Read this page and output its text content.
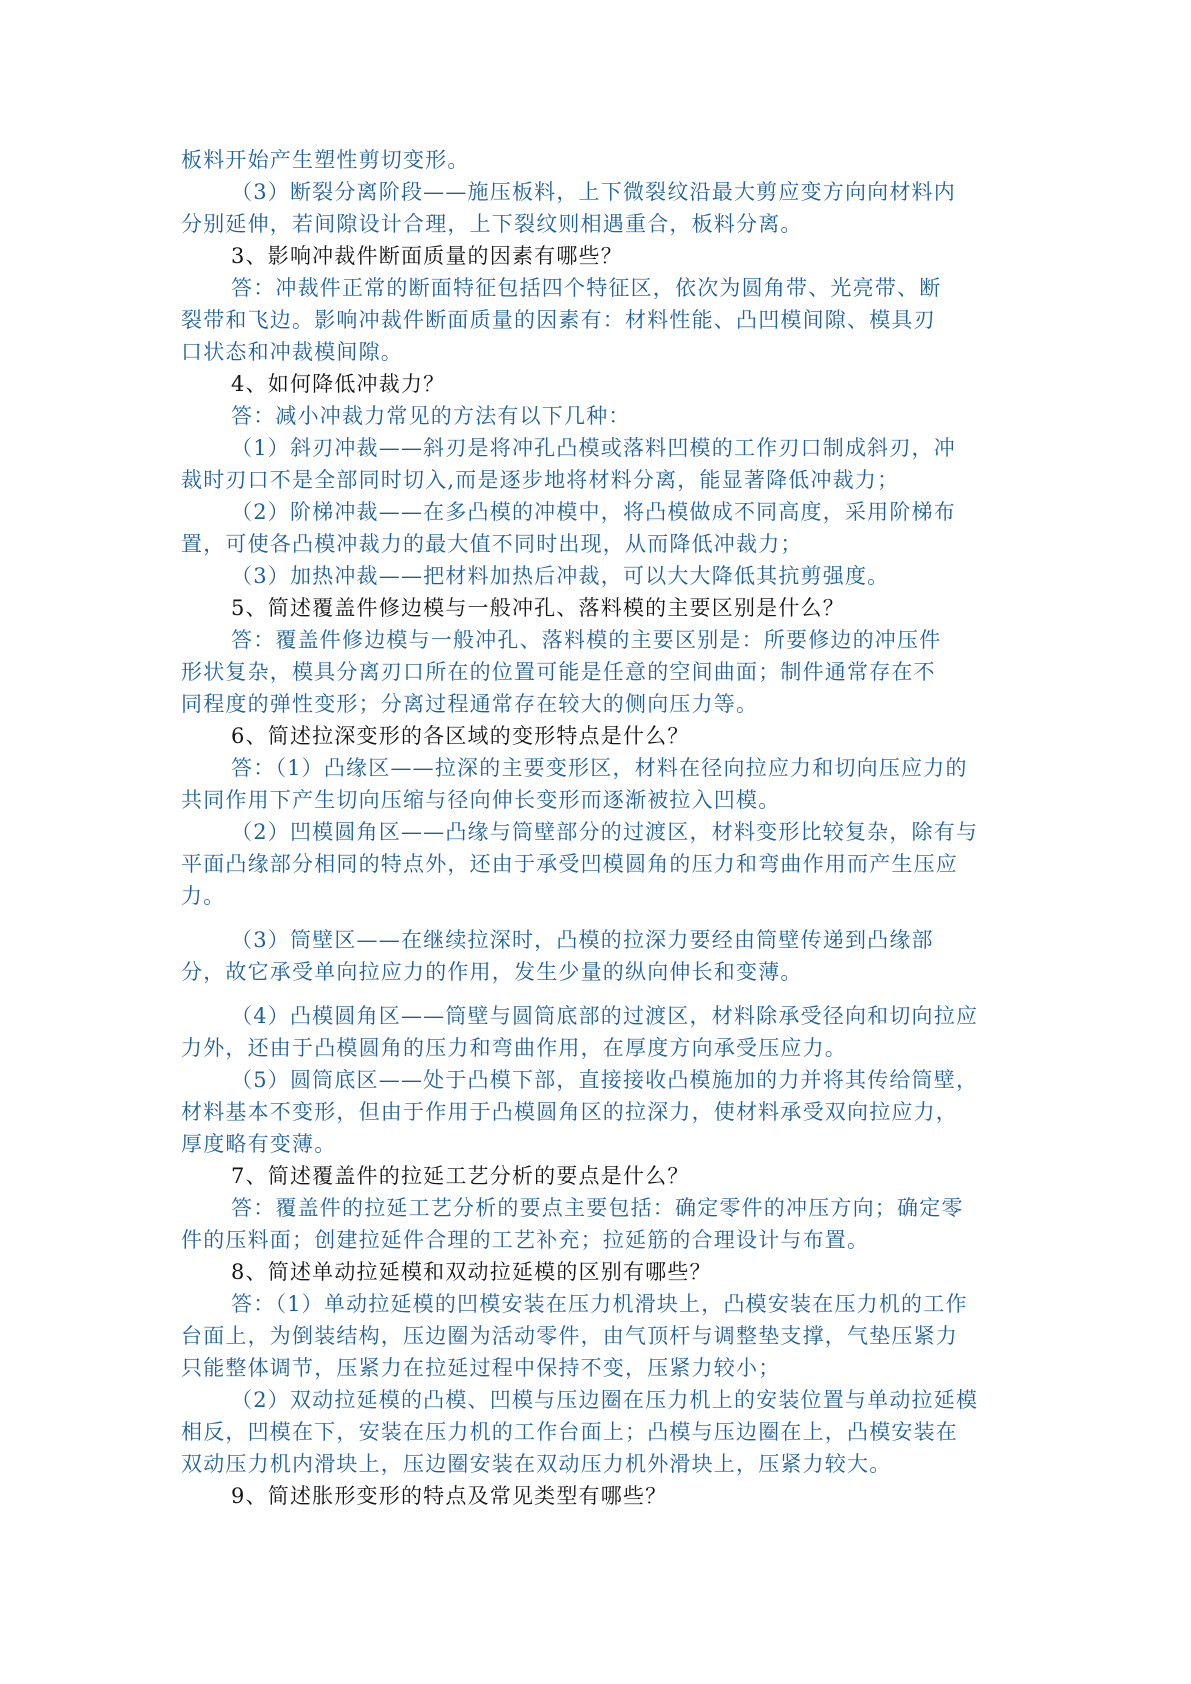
板料开始产生塑性剪切变形。
（3）断裂分离阶段——施压板料，上下微裂纹沿最大剪应变方向向材料内
分别延伸，若间隙设计合理，上下裂纹则相遇重合，板料分离。
3、影响冲裁件断面质量的因素有哪些？
答：冲裁件正常的断面特征包括四个特征区，依次为圆角带、光亮带、断
裂带和飞边。影响冲裁件断面质量的因素有：材料性能、凸凹模间隙、模具刃
口状态和冲裁模间隙。
4、如何降低冲裁力？
答：减小冲裁力常见的方法有以下几种：
（1）斜刃冲裁——斜刃是将冲孔凸模或落料凹模的工作刃口制成斜刃，冲
裁时刃口不是全部同时切入,而是逐步地将材料分离，能显著降低冲裁力；
（2）阶梯冲裁——在多凸模的冲模中，将凸模做成不同高度，采用阶梯布
置，可使各凸模冲裁力的最大值不同时出现，从而降低冲裁力；
（3）加热冲裁——把材料加热后冲裁，可以大大降低其抗剪强度。
5、简述覆盖件修边模与一般冲孔、落料模的主要区别是什么？
答：覆盖件修边模与一般冲孔、落料模的主要区别是：所要修边的冲压件
形状复杂，模具分离刃口所在的位置可能是任意的空间曲面；制件通常存在不
同程度的弹性变形；分离过程通常存在较大的侧向压力等。
6、简述拉深变形的各区域的变形特点是什么？
答：（1）凸缘区——拉深的主要变形区，材料在径向拉应力和切向压应力的
共同作用下产生切向压缩与径向伸长变形而逐渐被拉入凹模。
（2）凹模圆角区——凸缘与筒壁部分的过渡区，材料变形比较复杂，除有与
平面凸缘部分相同的特点外，还由于承受凹模圆角的压力和弯曲作用而产生压应
力。
（3）筒壁区——在继续拉深时，凸模的拉深力要经由筒壁传递到凸缘部
分，故它承受单向拉应力的作用，发生少量的纵向伸长和变薄。
（4）凸模圆角区——筒壁与圆筒底部的过渡区，材料除承受径向和切向拉应
力外，还由于凸模圆角的压力和弯曲作用，在厚度方向承受压应力。
（5）圆筒底区——处于凸模下部，直接接收凸模施加的力并将其传给筒壁，
材料基本不变形，但由于作用于凸模圆角区的拉深力，使材料承受双向拉应力，
厚度略有变薄。
7、简述覆盖件的拉延工艺分析的要点是什么？
答：覆盖件的拉延工艺分析的要点主要包括：确定零件的冲压方向；确定零
件的压料面；创建拉延件合理的工艺补充；拉延筋的合理设计与布置。
8、简述单动拉延模和双动拉延模的区别有哪些？
答：（1）单动拉延模的凹模安装在压力机滑块上，凸模安装在压力机的工作
台面上，为倒装结构，压边圈为活动零件，由气顶杆与调整垫支撑，气垫压紧力
只能整体调节，压紧力在拉延过程中保持不变，压紧力较小；
（2）双动拉延模的凸模、凹模与压边圈在压力机上的安装位置与单动拉延模
相反，凹模在下，安装在压力机的工作台面上；凸模与压边圈在上，凸模安装在
双动压力机内滑块上，压边圈安装在双动压力机外滑块上，压紧力较大。
9、简述胀形变形的特点及常见类型有哪些？
